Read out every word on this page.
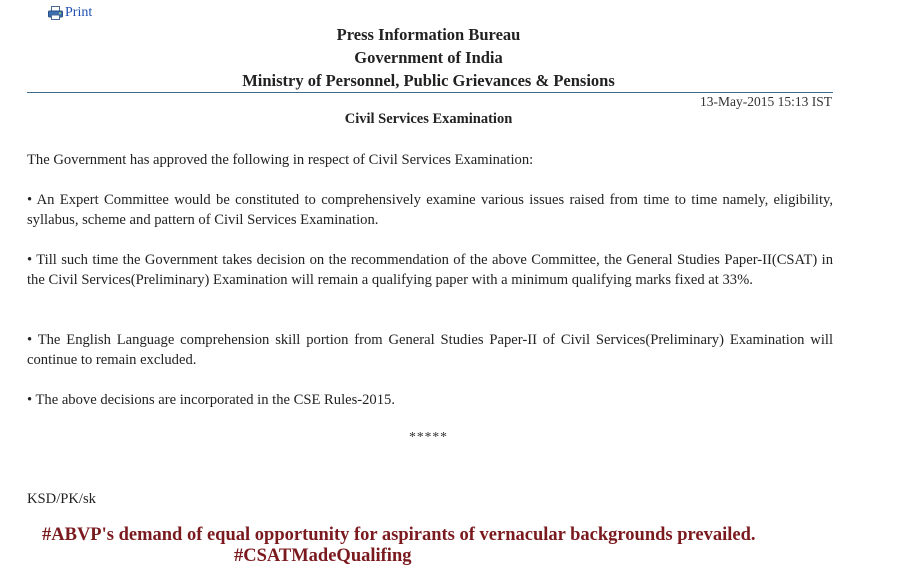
Print
Press Information Bureau
Government of India
Ministry of Personnel, Public Grievances & Pensions
13-May-2015 15:13 IST
Civil Services Examination
The Government has approved the following in respect of Civil Services Examination:
• An Expert Committee would be constituted to comprehensively examine various issues raised from time to time namely, eligibility, syllabus, scheme and pattern of Civil Services Examination.
• Till such time the Government takes decision on the recommendation of the above Committee, the General Studies Paper-II(CSAT) in the Civil Services(Preliminary) Examination will remain a qualifying paper with a minimum qualifying marks fixed at 33%.
• The English Language comprehension skill portion from General Studies Paper-II of Civil Services(Preliminary) Examination will continue to remain excluded.
• The above decisions are incorporated in the CSE Rules-2015.
*****
KSD/PK/sk
#ABVP's demand of equal opportunity for aspirants of vernacular backgrounds prevailed.
#CSATMadeQualifing
